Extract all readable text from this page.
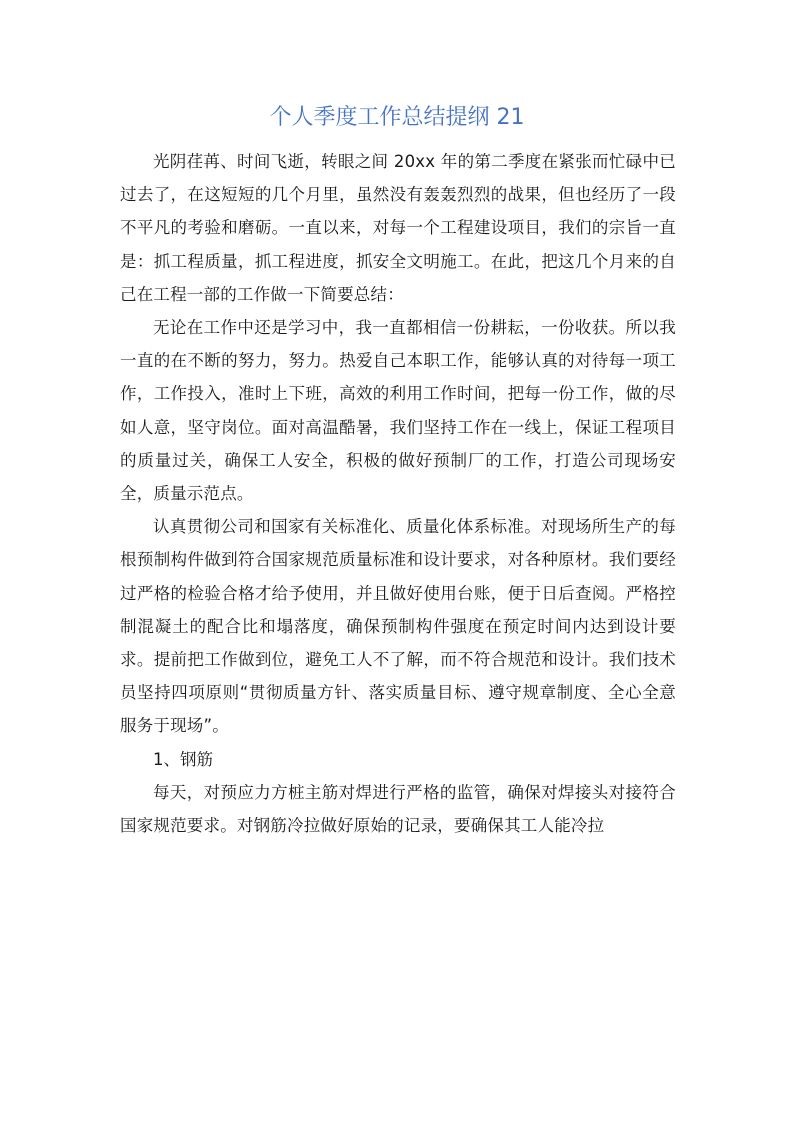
个人季度工作总结提纲 21

光阴荏苒、时间飞逝，转眼之间 20xx 年的第二季度在紧张而忙碌中已过去了，在这短短的几个月里，虽然没有轰轰烈烈的战果，但也经历了一段不平凡的考验和磨砺。一直以来，对每一个工程建设项目，我们的宗旨一直是：抓工程质量，抓工程进度，抓安全文明施工。在此，把这几个月来的自己在工程一部的工作做一下简要总结：

无论在工作中还是学习中，我一直都相信一份耕耘，一份收获。所以我一直的在不断的努力，努力。热爱自己本职工作，能够认真的对待每一项工作，工作投入，准时上下班，高效的利用工作时间，把每一份工作，做的尽如人意，坚守岗位。面对高温酷暑，我们坚持工作在一线上，保证工程项目的质量过关，确保工人安全，积极的做好预制厂的工作，打造公司现场安全，质量示范点。

认真贯彻公司和国家有关标准化、质量化体系标准。对现场所生产的每根预制构件做到符合国家规范质量标准和设计要求，对各种原材。我们要经过严格的检验合格才给予使用，并且做好使用台账，便于日后查阅。严格控制混凝土的配合比和塌落度，确保预制构件强度在预定时间内达到设计要求。提前把工作做到位，避免工人不了解，而不符合规范和设计。我们技术员坚持四项原则“贯彻质量方针、落实质量目标、遵守规章制度、全心全意服务于现场”。

1、钢筋

每天，对预应力方桩主筋对焊进行严格的监管，确保对焊接头对接符合国家规范要求。对钢筋冷拉做好原始的记录，要确保其工人能冷拉
